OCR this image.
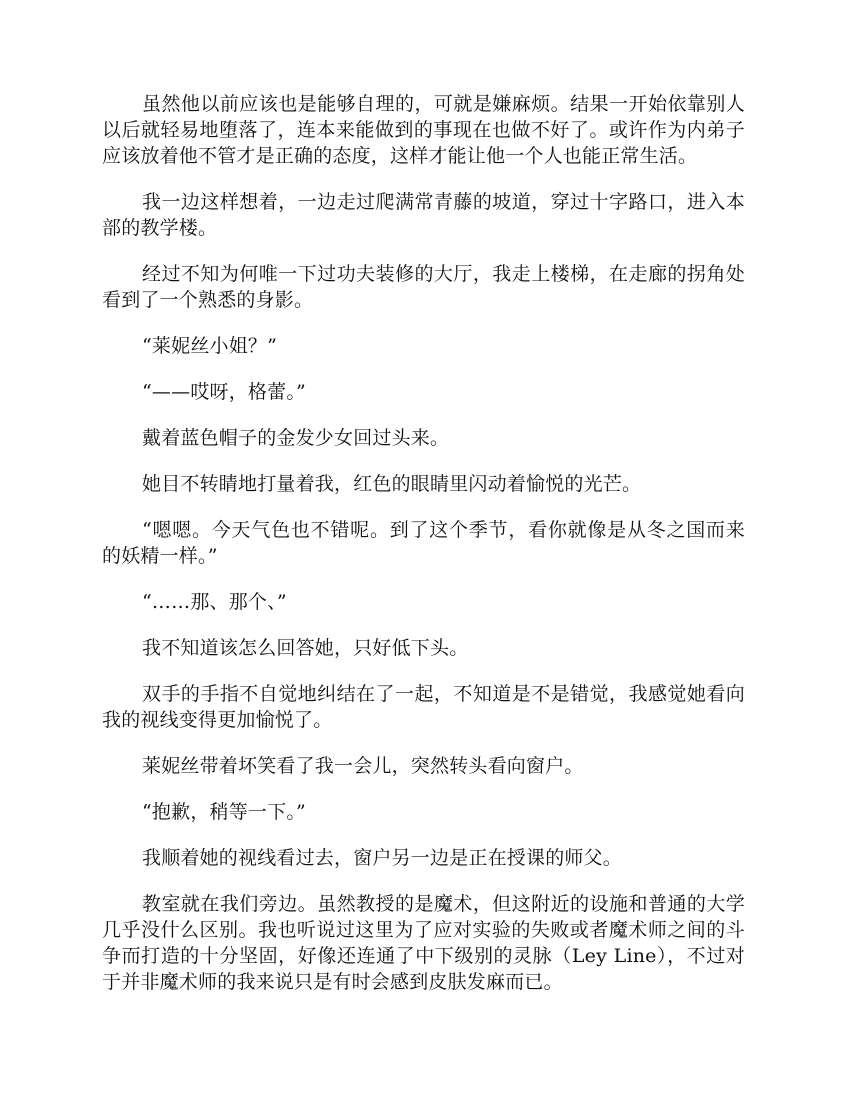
虽然他以前应该也是能够自理的，可就是嫌麻烦。结果一开始依靠别人以后就轻易地堕落了，连本来能做到的事现在也做不好了。或许作为内弟子应该放着他不管才是正确的态度，这样才能让他一个人也能正常生活。

我一边这样想着，一边走过爬满常青藤的坡道，穿过十字路口，进入本部的教学楼。

经过不知为何唯一下过功夫装修的大厅，我走上楼梯，在走廊的拐角处看到了一个熟悉的身影。

“莱妮丝小姐？”

“——哎呀，格蕾。”

戴着蓝色帽子的金发少女回过头来。

她目不转睛地打量着我，红色的眼睛里闪动着愉悦的光芒。

“嗯嗯。今天气色也不错呢。到了这个季节，看你就像是从冬之国而来的妖精一样。”

“……那、那个、”

我不知道该怎么回答她，只好低下头。

双手的手指不自觉地纠结在了一起，不知道是不是错觉，我感觉她看向我的视线变得更加愉悦了。

莱妮丝带着坏笑看了我一会儿，突然转头看向窗户。

“抱歉，稍等一下。”

我顺着她的视线看过去，窗户另一边是正在授课的师父。

教室就在我们旁边。虽然教授的是魔术，但这附近的设施和普通的大学几乎没什么区别。我也听说过这里为了应对实验的失败或者魔术师之间的斗争而打造的十分坚固，好像还连通了中下级别的灵脉（Ley Line），不过对于并非魔术师的我来说只是有时会感到皮肤发麻而已。
